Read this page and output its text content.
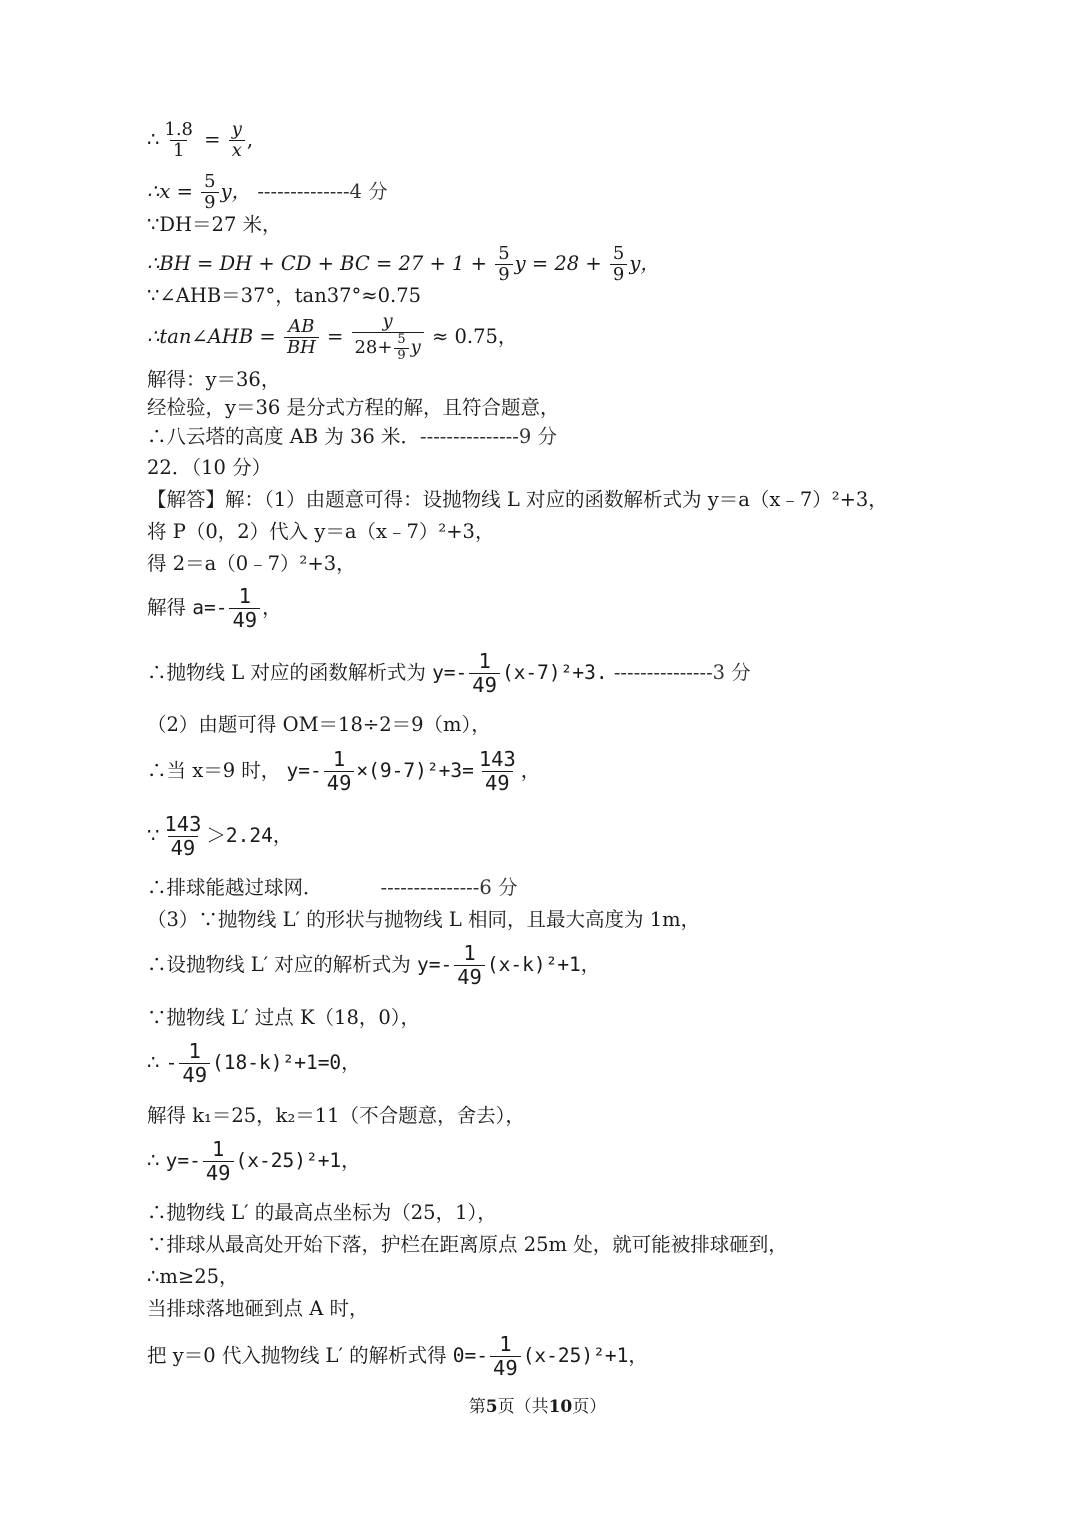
∴ $\frac{1.8}{1} = \frac{y}{x}$ ,
∴x = $\frac{5}{9}$ y， --------------4 分
∵DH＝27 米，
∴BH = DH + CD + BC = $27 + 1 + \frac{5}{9}$ $y = 28 + \frac{5}{9}$ y，
∵∠AHB＝37°，tan37°≈0.75
∴tan∠AHB = $\frac{AB}{BH} = \frac{y}{28+ \frac{5}{9} y} \approx 0.75$，
解得：y＝36，
经检验，y＝36 是分式方程的解，且符合题意，
∴八云塔的高度 AB 为 36 米．---------------9 分
22．（10 分）
【解答】解：（1）由题意可得：设抛物线 L 对应的函数解析式为 y＝a（x﹣7）²+3，
将 P（0，2）代入 y＝a（x﹣7）²+3，
得 2＝a（0﹣7）²+3，
解得 $a=- \frac{1}{49}$ ，
∴抛物线 L 对应的函数解析式为 $y=- \frac{1}{49} (x-7)^2+3$. ---------------3 分
（2）由题可得 OM＝18÷2＝9（m），
∴当 x＝9 时， $y=- \frac{1}{49} \times(9-7)^2+3= \frac{143}{49}$ ，
∵ $\frac{143}{49} >2.24$，
∴排球能越过球网．	---------------6 分
（3）∵抛物线 L′ 的形状与抛物线 L 相同，且最大高度为 1m，
∴设抛物线 L′ 对应的解析式为 $y=- \frac{1}{49} (x-k)^2+1$，
∵抛物线 L′ 过点 K（18，0），
∴ - $\frac{1}{49} (18-k)^2+1=0$，
解得 k₁＝25，k₂＝11（不合题意，舍去），
∴ $y=- \frac{1}{49} (x-25)^2+1$，
∴抛物线 L′ 的最高点坐标为（25，1），
∵排球从最高处开始下落，护栏在距离原点 25m 处，就可能被排球砸到，
∴m≥25，
当排球落地砸到点 A 时，
把 y＝0 代入抛物线 L′ 的解析式得 $0=- \frac{1}{49} (x-25)^2+1$，
第5页（共10页）
